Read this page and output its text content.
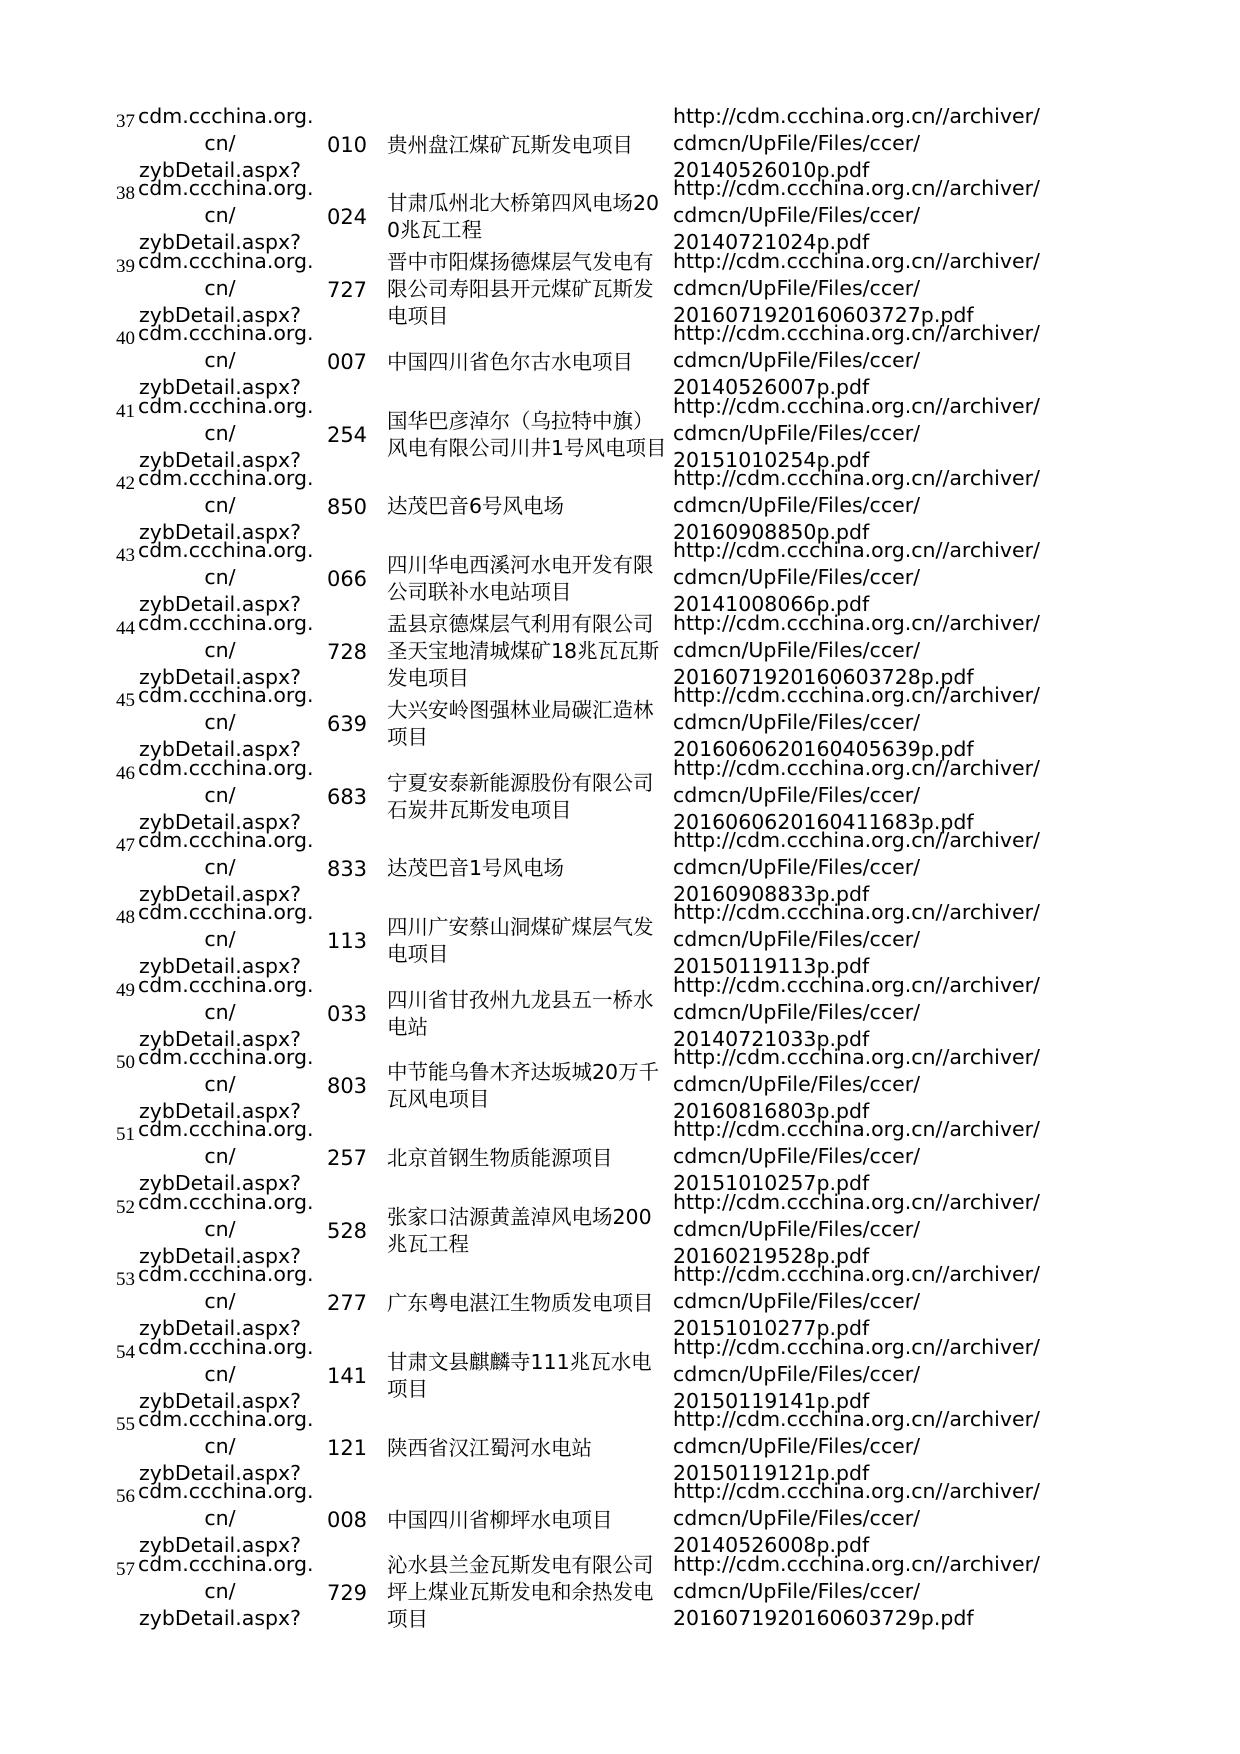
37 cdm.ccchina.org.
cn/
zybDetail.aspx?
010 贵州盘江煤矿瓦斯发电项目
http://cdm.ccchina.org.cn//archiver/
cdmcn/UpFile/Files/ccer/
20140526010p.pdf
38 cdm.ccchina.org.
cn/
zybDetail.aspx?
024
甘肃瓜州北大桥第四风电场200兆瓦工程
http://cdm.ccchina.org.cn//archiver/
cdmcn/UpFile/Files/ccer/
20140721024p.pdf
39 cdm.ccchina.org.
cn/
zybDetail.aspx?
727
晋中市阳煤扬德煤层气发电有限公司寿阳县开元煤矿瓦斯发电项目
http://cdm.ccchina.org.cn//archiver/
cdmcn/UpFile/Files/ccer/
2016071920160603727p.pdf
40 cdm.ccchina.org.
cn/
zybDetail.aspx?
007 中国四川省色尔古水电项目
http://cdm.ccchina.org.cn//archiver/
cdmcn/UpFile/Files/ccer/
20140526007p.pdf
41 cdm.ccchina.org.
cn/
zybDetail.aspx?
254
国华巴彦淖尔（乌拉特中旗）风电有限公司川井1号风电项目
http://cdm.ccchina.org.cn//archiver/
cdmcn/UpFile/Files/ccer/
20151010254p.pdf
42 cdm.ccchina.org.
cn/
zybDetail.aspx?
850 达茂巴音6号风电场
http://cdm.ccchina.org.cn//archiver/
cdmcn/UpFile/Files/ccer/
20160908850p.pdf
43 cdm.ccchina.org.
cn/
zybDetail.aspx?
066
四川华电西溪河水电开发有限公司联补水电站项目
http://cdm.ccchina.org.cn//archiver/
cdmcn/UpFile/Files/ccer/
20141008066p.pdf
44 cdm.ccchina.org.
cn/
zybDetail.aspx?
728
盂县京德煤层气利用有限公司圣天宝地清城煤矿18兆瓦瓦斯发电项目
http://cdm.ccchina.org.cn//archiver/
cdmcn/UpFile/Files/ccer/
2016071920160603728p.pdf
45 cdm.ccchina.org.
cn/
zybDetail.aspx?
639
大兴安岭图强林业局碳汇造林项目
http://cdm.ccchina.org.cn//archiver/
cdmcn/UpFile/Files/ccer/
2016060620160405639p.pdf
46 cdm.ccchina.org.
cn/
zybDetail.aspx?
683
宁夏安泰新能源股份有限公司石炭井瓦斯发电项目
http://cdm.ccchina.org.cn//archiver/
cdmcn/UpFile/Files/ccer/
2016060620160411683p.pdf
47 cdm.ccchina.org.
cn/
zybDetail.aspx?
833 达茂巴音1号风电场
http://cdm.ccchina.org.cn//archiver/
cdmcn/UpFile/Files/ccer/
20160908833p.pdf
48 cdm.ccchina.org.
cn/
zybDetail.aspx?
113
四川广安蔡山洞煤矿煤层气发电项目
http://cdm.ccchina.org.cn//archiver/
cdmcn/UpFile/Files/ccer/
20150119113p.pdf
49 cdm.ccchina.org.
cn/
zybDetail.aspx?
033
四川省甘孜州九龙县五一桥水电站
http://cdm.ccchina.org.cn//archiver/
cdmcn/UpFile/Files/ccer/
20140721033p.pdf
50 cdm.ccchina.org.
cn/
zybDetail.aspx?
803
中节能乌鲁木齐达坂城20万千瓦风电项目
http://cdm.ccchina.org.cn//archiver/
cdmcn/UpFile/Files/ccer/
20160816803p.pdf
51 cdm.ccchina.org.
cn/
zybDetail.aspx?
257 北京首钢生物质能源项目
http://cdm.ccchina.org.cn//archiver/
cdmcn/UpFile/Files/ccer/
20151010257p.pdf
52 cdm.ccchina.org.
cn/
zybDetail.aspx?
528
张家口沽源黄盖淖风电场200兆瓦工程
http://cdm.ccchina.org.cn//archiver/
cdmcn/UpFile/Files/ccer/
20160219528p.pdf
53 cdm.ccchina.org.
cn/
zybDetail.aspx?
277 广东粤电湛江生物质发电项目
http://cdm.ccchina.org.cn//archiver/
cdmcn/UpFile/Files/ccer/
20151010277p.pdf
54 cdm.ccchina.org.
cn/
zybDetail.aspx?
141
甘肃文县麒麟寺111兆瓦水电项目
http://cdm.ccchina.org.cn//archiver/
cdmcn/UpFile/Files/ccer/
20150119141p.pdf
55 cdm.ccchina.org.
cn/
zybDetail.aspx?
121 陕西省汉江蜀河水电站
http://cdm.ccchina.org.cn//archiver/
cdmcn/UpFile/Files/ccer/
20150119121p.pdf
56 cdm.ccchina.org.
cn/
zybDetail.aspx?
008 中国四川省柳坪水电项目
http://cdm.ccchina.org.cn//archiver/
cdmcn/UpFile/Files/ccer/
20140526008p.pdf
57 cdm.ccchina.org.
cn/
zybDetail.aspx?
729
沁水县兰金瓦斯发电有限公司坪上煤业瓦斯发电和余热发电项目
http://cdm.ccchina.org.cn//archiver/
cdmcn/UpFile/Files/ccer/
2016071920160603729p.pdf
